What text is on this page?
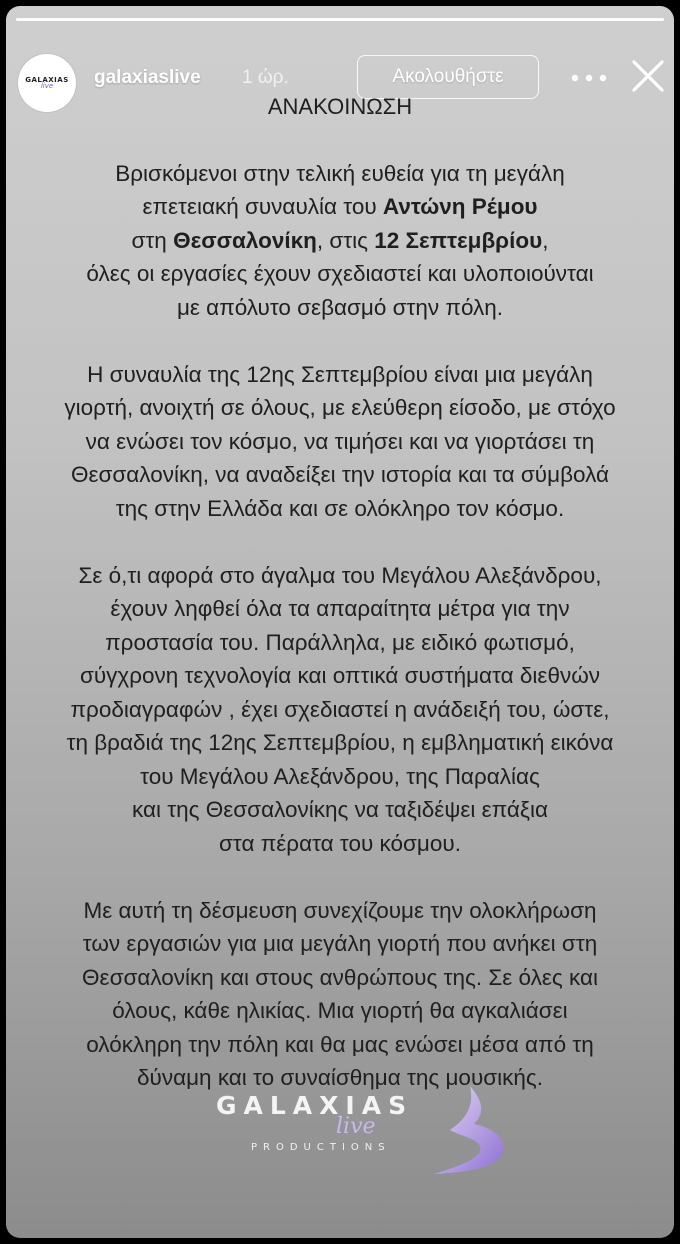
GALAXIAS
live galaxiaslive 1 ώρ.	Ακολουθήστε

ΑΝΑΚΟΙΝΩΣΗ

Βρισκόμενοι στην τελική ευθεία για τη μεγάλη

επετειακή συναυλία του Αντώνη Ρέμου

στη Θεσσαλονίκη, στις 12 Σεπτεμβρίου,

όλες οι εργασίες έχουν σχεδιαστεί και υλοποιούνται

με απόλυτο σεβασμό στην πόλη.

Η συναυλία της 12ης Σεπτεμβρίου είναι μια μεγάλη

γιορτή, ανοιχτή σε όλους, με ελεύθερη είσοδο, με στόχο

να ενώσει τον κόσμο, να τιμήσει και να γιορτάσει τη

Θεσσαλονίκη, να αναδείξει την ιστορία και τα σύμβολά

της στην Ελλάδα και σε ολόκληρο τον κόσμο.

Σε ό,τι αφορά στο άγαλμα του Μεγάλου Αλεξάνδρου,

έχουν ληφθεί όλα τα απαραίτητα μέτρα για την

προστασία του. Παράλληλα, με ειδικό φωτισμό,

σύγχρονη τεχνολογία και οπτικά συστήματα διεθνών

προδιαγραφών , έχει σχεδιαστεί η ανάδειξή του, ώστε,

τη βραδιά της 12ης Σεπτεμβρίου, η εμβληματική εικόνα

του Μεγάλου Αλεξάνδρου, της Παραλίας

και της Θεσσαλονίκης να ταξιδέψει επάξια

στα πέρατα του κόσμου.

Με αυτή τη δέσμευση συνεχίζουμε την ολοκλήρωση

των εργασιών για μια μεγάλη γιορτή που ανήκει στη

Θεσσαλονίκη και στους ανθρώπους της. Σε όλες και

όλους, κάθε ηλικίας. Μια γιορτή θα αγκαλιάσει

ολόκληρη την πόλη και θα μας ενώσει μέσα από τη

δύναμη και το συναίσθημα της μουσικής.

GALAXIAS
live
PRODUCTIONS
